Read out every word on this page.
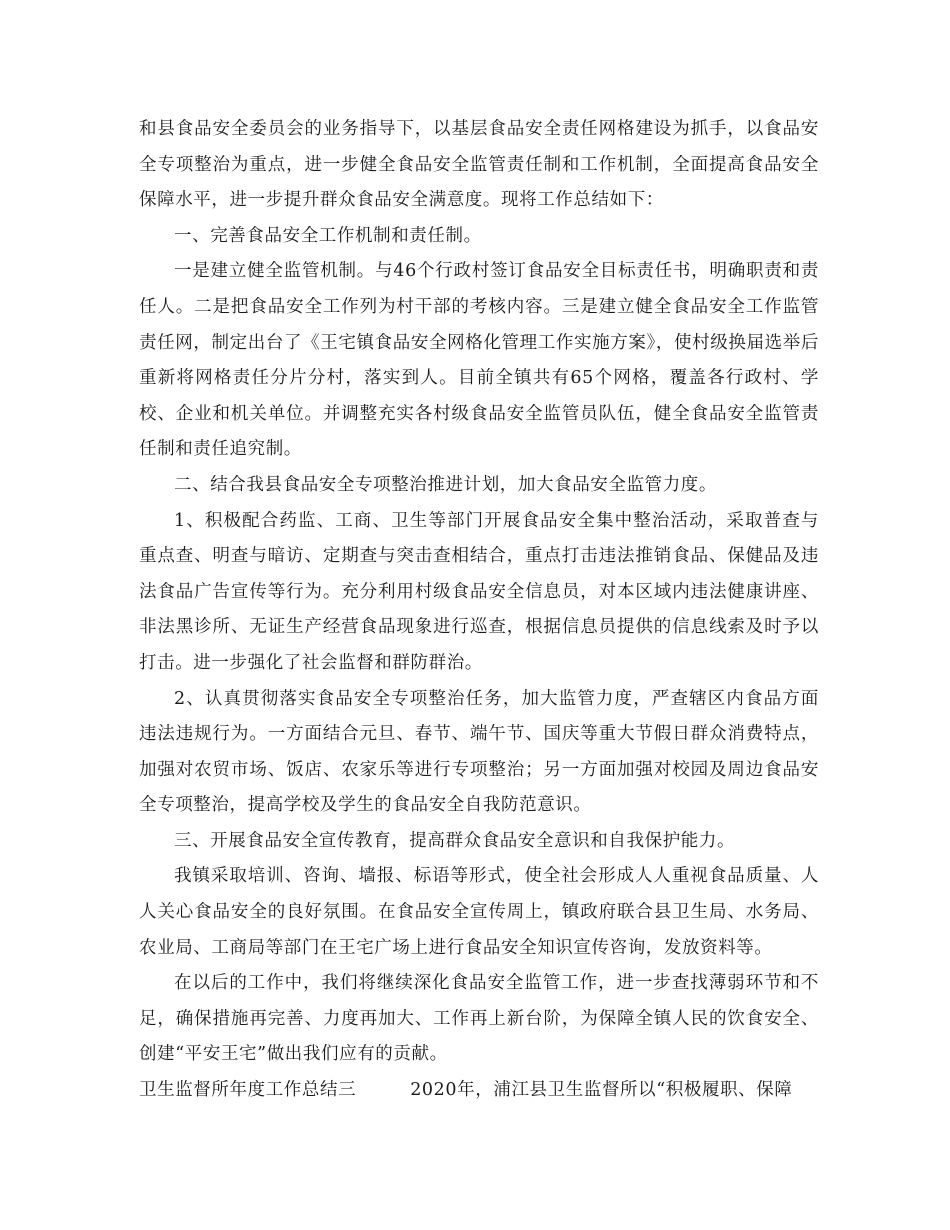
和县食品安全委员会的业务指导下，以基层食品安全责任网格建设为抓手，以食品安全专项整治为重点，进一步健全食品安全监管责任制和工作机制，全面提高食品安全保障水平，进一步提升群众食品安全满意度。现将工作总结如下：

一、完善食品安全工作机制和责任制。

一是建立健全监管机制。与46个行政村签订食品安全目标责任书，明确职责和责任人。二是把食品安全工作列为村干部的考核内容。三是建立健全食品安全工作监管责任网，制定出台了《王宅镇食品安全网格化管理工作实施方案》，使村级换届选举后重新将网格责任分片分村，落实到人。目前全镇共有65个网格，覆盖各行政村、学校、企业和机关单位。并调整充实各村级食品安全监管员队伍，健全食品安全监管责任制和责任追究制。

二、结合我县食品安全专项整治推进计划，加大食品安全监管力度。

1、积极配合药监、工商、卫生等部门开展食品安全集中整治活动，采取普查与重点查、明查与暗访、定期查与突击查相结合，重点打击违法推销食品、保健品及违法食品广告宣传等行为。充分利用村级食品安全信息员，对本区域内违法健康讲座、非法黑诊所、无证生产经营食品现象进行巡查，根据信息员提供的信息线索及时予以打击。进一步强化了社会监督和群防群治。

2、认真贯彻落实食品安全专项整治任务，加大监管力度，严查辖区内食品方面违法违规行为。一方面结合元旦、春节、端午节、国庆等重大节假日群众消费特点，加强对农贸市场、饭店、农家乐等进行专项整治；另一方面加强对校园及周边食品安全专项整治，提高学校及学生的食品安全自我防范意识。

三、开展食品安全宣传教育，提高群众食品安全意识和自我保护能力。

我镇采取培训、咨询、墙报、标语等形式，使全社会形成人人重视食品质量、人人关心食品安全的良好氛围。在食品安全宣传周上，镇政府联合县卫生局、水务局、农业局、工商局等部门在王宅广场上进行食品安全知识宣传咨询，发放资料等。

在以后的工作中，我们将继续深化食品安全监管工作，进一步查找薄弱环节和不足，确保措施再完善、力度再加大、工作再上新台阶，为保障全镇人民的饮食安全、创建“平安王宅”做出我们应有的贡献。

卫生监督所年度工作总结三	2020年，浦江县卫生监督所以“积极履职、保障
